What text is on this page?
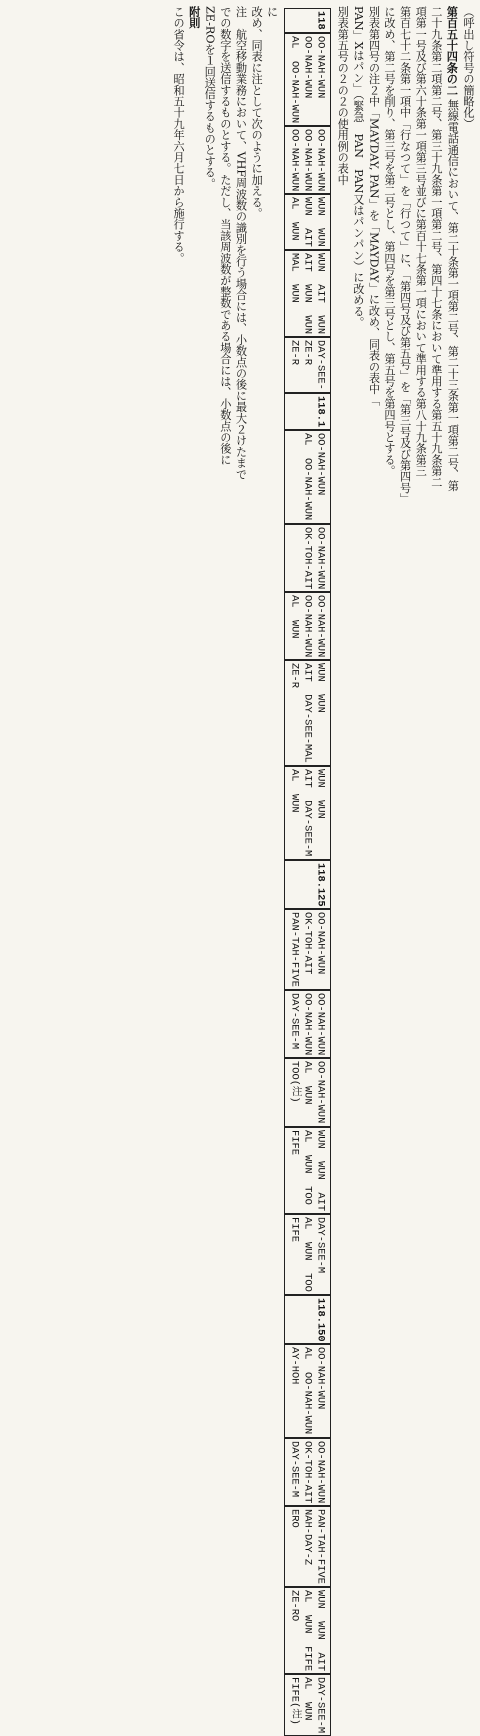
（呼出し符号の簡略化）

第百五十四条の二 無線電話通信において、第二十条第一項第二号、第二十三条第一項第二号、第

二十九条第二項第二号、第三十九条第一項第二号、第四十七条において準用する第五十九条第二

項第一号及び第六十条第一項第三号並びに第百十七条第一項において準用する第八十九条第三

第百七十二条第一項中「行なつて」を「行つて」に、「第四号及び第五号」を「第三号及び第四号」

に改め、第二号を削り、第三号を第二号とし、第四号を第三号とし、第五号を第四号とする。

別表第四号の注２中「MAYDAY, PAN」を「MAYDAY」に改め、同表の表中「

PAN」Xはパン」（緊急　PAN　PAN又はパンパン）に改める。

別表第五号の２の２の使用例の表中

118
OO-NAH-WUN
OO-NAH-WUN
AL  OO-NAH-WUN
OO-NAH-WUN
OO-NAH-WUN
OO-NAH-WUN
WUN  WUN
WUN  AIT
AL  WUN
WUN  AIT  WUN
AIT  WUN  WUN
MAL  WUN
DAY-SEE-
ZE-R
ZE-R
118.1
OO-NAH-WUN
AL  OO-NAH-WUN
OO-NAH-WUN
OK-TOH-AIT
OO-NAH-WUN
OO-NAH-WUN
AL  WUN
WUN  WUN
AIT  DAY-SEE-MAL
ZE-R
WUN  WUN
AIT  DAY-SEE-M
AL  WUN
118.125
OO-NAH-WUN
OK-TOH-AIT
PAN-TAH-FIVE
OO-NAH-WUN
OO-NAH-WUN
DAY-SEE-M
OO-NAH-WUN
AL  WUN
TOO(注)
WUN  WUN  AIT
AL  WUN  TOO
FIFE
DAY-SEE-M
AL  WUN  TOO
FIFE
118.150
OO-NAH-WUN
AL  OO-NAH-WUN
AY-HOH
OO-NAH-WUN
OK-TOH-AIT
DAY-SEE-M
PAN-TAH-FIVE
NAH-DAY-Z
ERO
WUN  WUN  AIT
AL  WUN  FIFE
ZE-RO
DAY-SEE-M
AL  WUN
FIFE(注)

に

改め、同表に注として次のように加える。

注　航空移動業務において、VHF周波数の識別を行う場合には、小数点の後に最大２けたまで

での数字を送信するものとする。ただし、当該周波数が整数である場合には、小数点の後に

ZE-ROを１回送信するものとする。

附則

この省令は、昭和五十九年六月七日から施行する。
